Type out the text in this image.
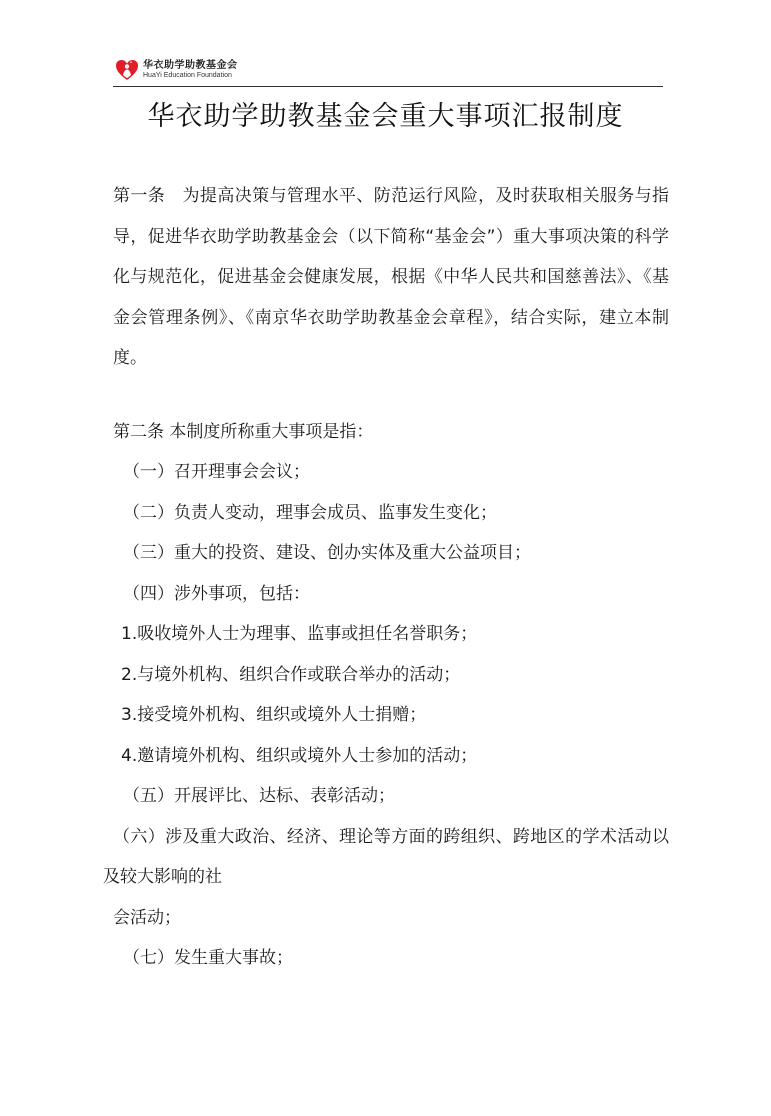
华衣助学助教基金会
HuaYi Education Foundation
华衣助学助教基金会重大事项汇报制度

第一条　为提高决策与管理水平、防范运行风险，及时获取相关服务与指导，促进华衣助学助教基金会（以下简称“基金会”）重大事项决策的科学化与规范化，促进基金会健康发展，根据《中华人民共和国慈善法》、《基金会管理条例》、《南京华衣助学助教基金会章程》，结合实际，建立本制度。

第二条 本制度所称重大事项是指：

（一）召开理事会会议；

（二）负责人变动，理事会成员、监事发生变化；

（三）重大的投资、建设、创办实体及重大公益项目；

（四）涉外事项，包括：

1.吸收境外人士为理事、监事或担任名誉职务；

2.与境外机构、组织合作或联合举办的活动；

3.接受境外机构、组织或境外人士捐赠；

4.邀请境外机构、组织或境外人士参加的活动；

（五）开展评比、达标、表彰活动；

（六）涉及重大政治、经济、理论等方面的跨组织、跨地区的学术活动以及较大影响的社

会活动；

（七）发生重大事故；
